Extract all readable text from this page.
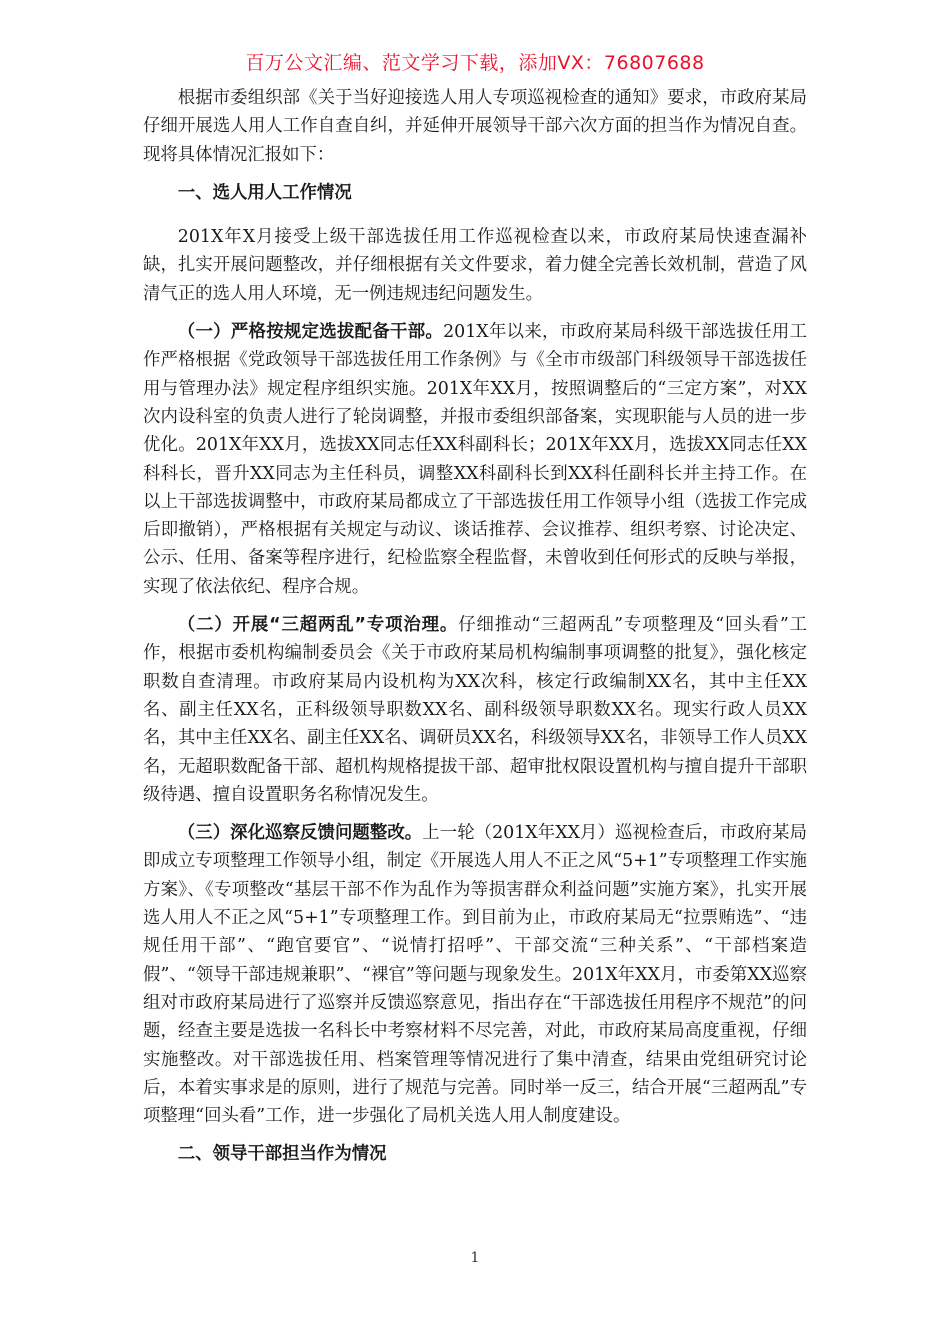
百万公文汇编、范文学习下载，添加VX：76807688

根据市委组织部《关于当好迎接选人用人专项巡视检查的通知》要求，市政府某局仔细开展选人用人工作自查自纠，并延伸开展领导干部六次方面的担当作为情况自查。现将具体情况汇报如下：

一、选人用人工作情况

201X年X月接受上级干部选拔任用工作巡视检查以来，市政府某局快速查漏补缺，扎实开展问题整改，并仔细根据有关文件要求，着力健全完善长效机制，营造了风清气正的选人用人环境，无一例违规违纪问题发生。

（一）严格按规定选拔配备干部。201X年以来，市政府某局科级干部选拔任用工作严格根据《党政领导干部选拔任用工作条例》与《全市市级部门科级领导干部选拔任用与管理办法》规定程序组织实施。201X年XX月，按照调整后的“三定方案”，对XX次内设科室的负责人进行了轮岗调整，并报市委组织部备案，实现职能与人员的进一步优化。201X年XX月，选拔XX同志任XX科副科长；201X年XX月，选拔XX同志任XX科科长，晋升XX同志为主任科员，调整XX科副科长到XX科任副科长并主持工作。在以上干部选拔调整中，市政府某局都成立了干部选拔任用工作领导小组（选拔工作完成后即撤销），严格根据有关规定与动议、谈话推荐、会议推荐、组织考察、讨论决定、公示、任用、备案等程序进行，纪检监察全程监督，未曾收到任何形式的反映与举报，实现了依法依纪、程序合规。

（二）开展“三超两乱”专项治理。仔细推动“三超两乱”专项整理及“回头看”工作，根据市委机构编制委员会《关于市政府某局机构编制事项调整的批复》，强化核定职数自查清理。市政府某局内设机构为XX次科，核定行政编制XX名，其中主任XX名、副主任XX名，正科级领导职数XX名、副科级领导职数XX名。现实行政人员XX名，其中主任XX名、副主任XX名、调研员XX名，科级领导XX名，非领导工作人员XX名，无超职数配备干部、超机构规格提拔干部、超审批权限设置机构与擅自提升干部职级待遇、擅自设置职务名称情况发生。

（三）深化巡察反馈问题整改。上一轮（201X年XX月）巡视检查后，市政府某局即成立专项整理工作领导小组，制定《开展选人用人不正之风“5+1”专项整理工作实施方案》、《专项整改“基层干部不作为乱作为等损害群众利益问题”实施方案》，扎实开展选人用人不正之风“5+1”专项整理工作。到目前为止，市政府某局无“拉票贿选”、“违规任用干部”、“跑官要官”、“说情打招呼”、干部交流“三种关系”、“干部档案造假”、“领导干部违规兼职”、“裸官”等问题与现象发生。201X年XX月，市委第XX巡察组对市政府某局进行了巡察并反馈巡察意见，指出存在“干部选拔任用程序不规范”的问题，经查主要是选拔一名科长中考察材料不尽完善，对此，市政府某局高度重视，仔细实施整改。对干部选拔任用、档案管理等情况进行了集中清查，结果由党组研究讨论后，本着实事求是的原则，进行了规范与完善。同时举一反三，结合开展“三超两乱”专项整理“回头看”工作，进一步强化了局机关选人用人制度建设。

二、领导干部担当作为情况

1
